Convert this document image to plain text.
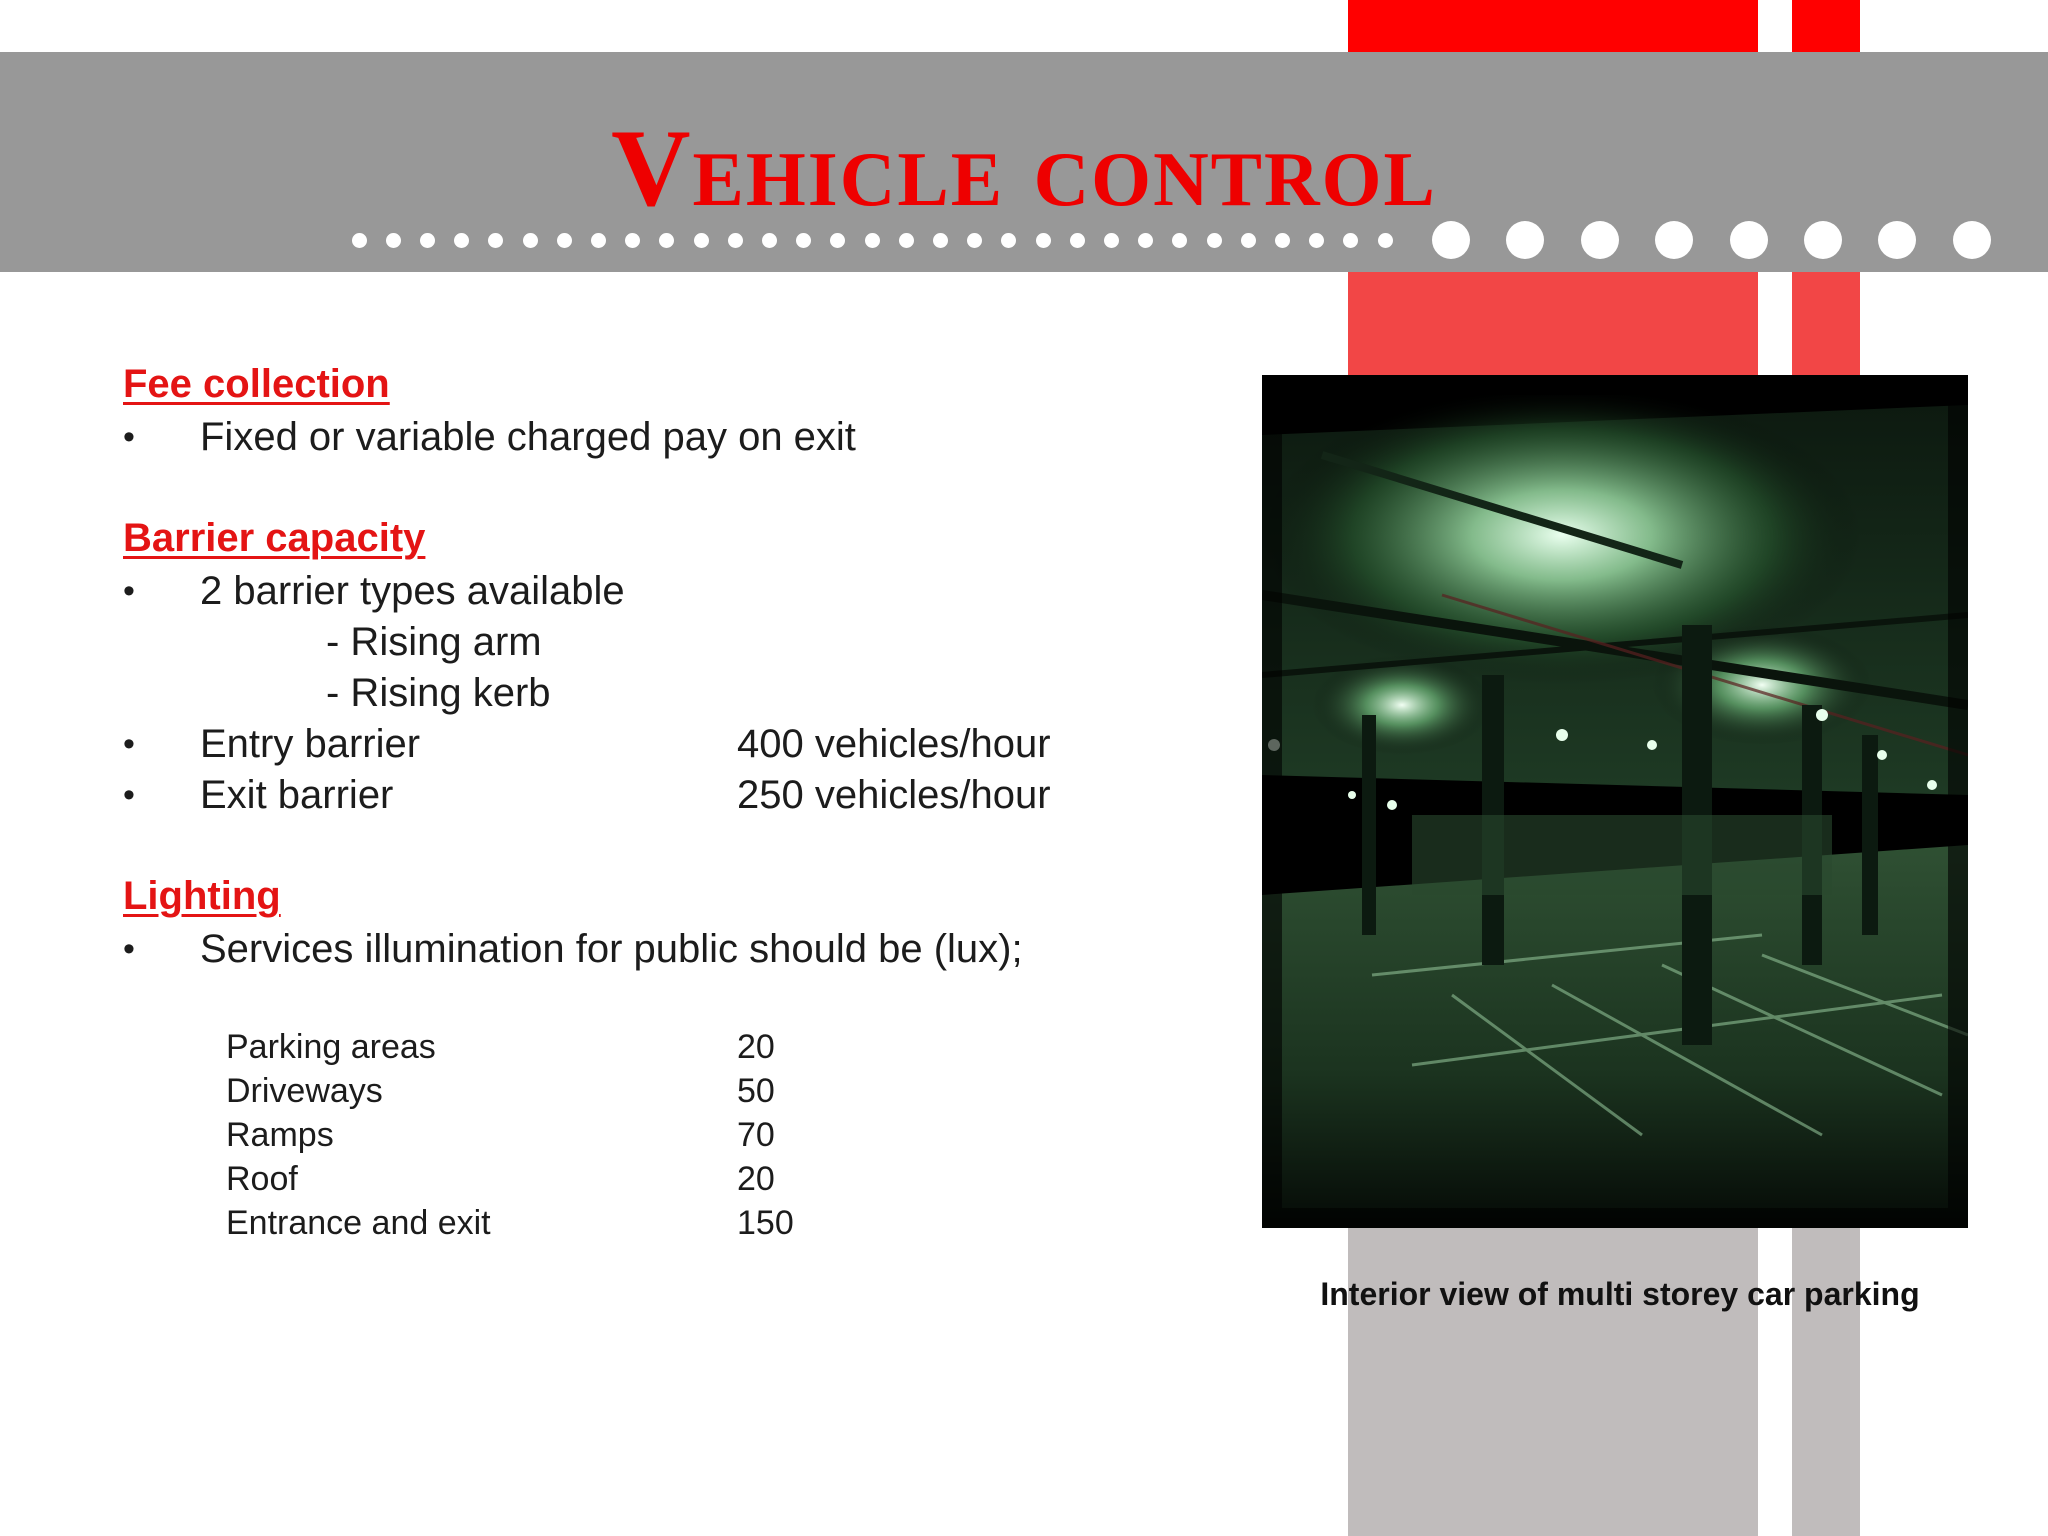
Vehicle control
Fee collection
• Fixed or variable charged pay on exit
Barrier capacity
• 2 barrier types available
- Rising arm
- Rising kerb
• Entry barrier	400 vehicles/hour
• Exit barrier	250 vehicles/hour
Lighting
• Services illumination for public should be (lux);
Parking areas	20
Driveways	50
Ramps	70
Roof	20
Entrance and exit	150
Interior view of multi storey car parking
